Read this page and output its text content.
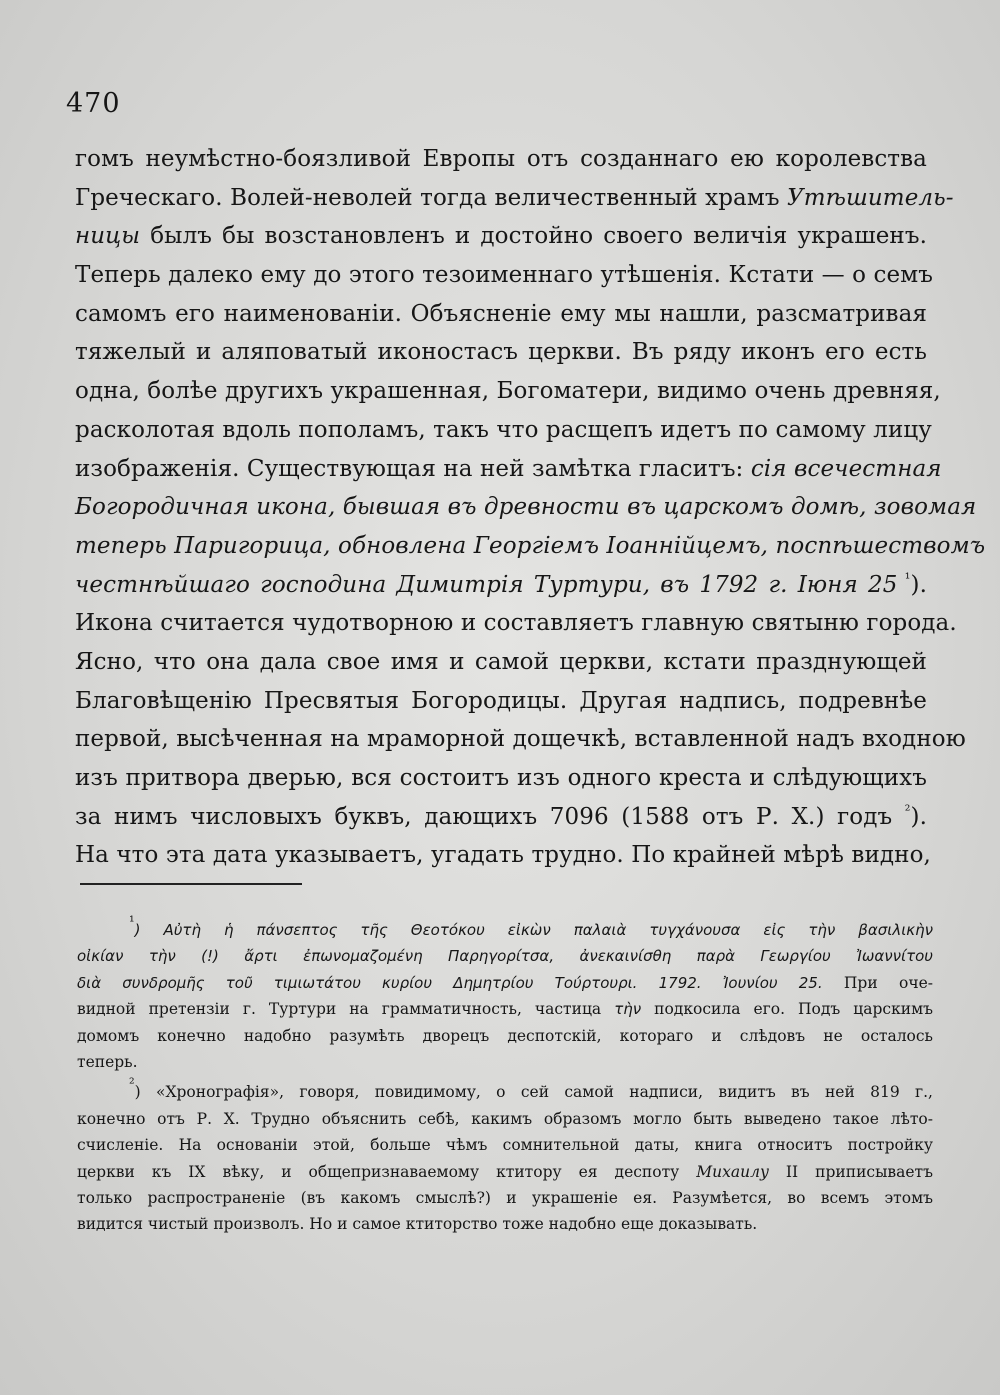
470
гомъ неумѣстно-боязливой Европы отъ созданнаго ею королевства
Греческаго. Волей-неволей тогда величественный храмъ Утѣшитель-
ницы былъ бы возстановленъ и достойно своего величія украшенъ.
Теперь далеко ему до этого тезоименнаго утѣшенія. Кстати — о семъ
самомъ его наименованіи. Объясненіе ему мы нашли, разсматривая
тяжелый и аляповатый иконостасъ церкви. Въ ряду иконъ его есть
одна, болѣе другихъ украшенная, Богоматери, видимо очень древняя,
расколотая вдоль пополамъ, такъ что расщепъ идетъ по самому лицу
изображенія. Существующая на ней замѣтка гласитъ: сія всечестная
Богородичная икона, бывшая въ древности въ царскомъ домѣ, зовомая
теперь Паригорица, обновлена Георгіемъ Іоаннійцемъ, поспѣшествомъ
честнѣйшаго господина Димитрія Туртури, въ 1792 г. Іюня 25 $^{^1}$).
Икона считается чудотворною и составляетъ главную святыню города.
Ясно, что она дала свое имя и самой церкви, кстати празднующей
Благовѣщенію Пресвятыя Богородицы. Другая надпись, подревнѣе
первой, высѣченная на мраморной дощечкѣ, вставленной надъ входною
изъ притвора дверью, вся состоитъ изъ одного креста и слѣдующихъ
за нимъ числовыхъ буквъ, дающихъ 7096 (1588 отъ Р. Х.) годъ $^{^2}$).
На что эта дата указываетъ, угадать трудно. По крайней мѣрѣ видно,
$^{^1}$) Αὐτὴ ἡ πάνσεπτος τῆς Θεοτόκου εἰκὼν παλαιὰ τυγχάνουσα εἰς τὴν βασιλικὴν
οἰκίαν τὴν (!) ἄρτι ἐπωνομαζομένη Παρηγορίτσα, ἀνεκαινίσθη παρὰ Γεωργίου Ἰωαννίτου
διὰ συνδρομῆς τοῦ τιμιωτάτου κυρίου Δημητρίου Τούρτουρι. 1792. Ἰουνίου 25. При оче-
видной претензіи г. Туртури на грамматичность, частица τὴν подкосила его. Подъ царскимъ
домомъ конечно надобно разумѣть дворецъ деспотскій, котораго и слѣдовъ не осталось
теперь.
$^{^2}$) «Хронографія», говоря, повидимому, о сей самой надписи, видитъ въ ней 819 г.,
конечно отъ Р. Х. Трудно объяснить себѣ, какимъ образомъ могло быть выведено такое лѣто-
счисленіе. На основаніи этой, больше чѣмъ сомнительной даты, книга относитъ постройку
церкви къ IX вѣку, и общепризнаваемому ктитору ея деспоту Михаилу II приписываетъ
только распространеніе (въ какомъ смыслѣ?) и украшеніе ея. Разумѣется, во всемъ этомъ
видится чистый произволъ. Но и самое ктиторство тоже надобно еще доказывать.
